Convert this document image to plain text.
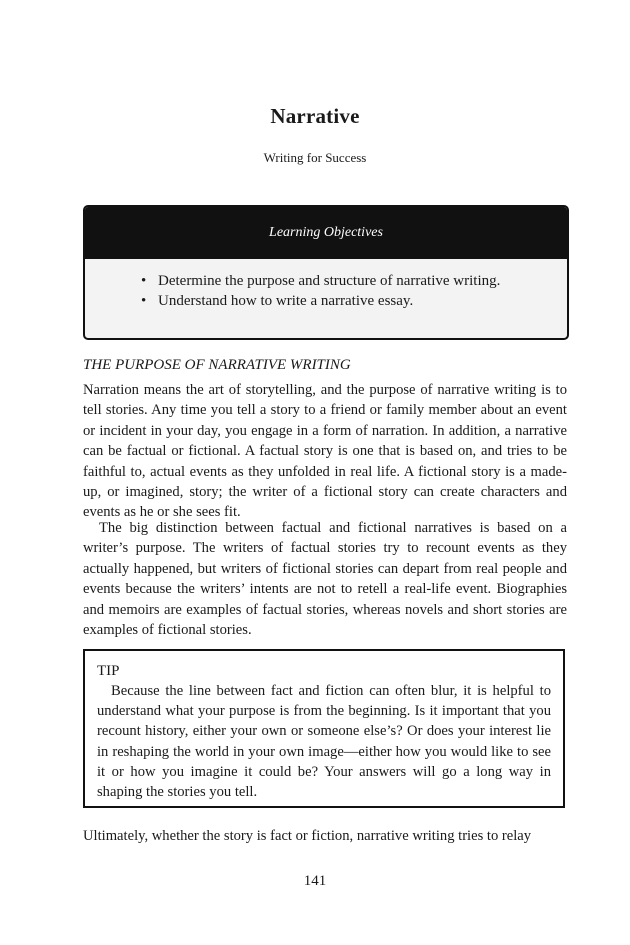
Narrative
Writing for Success
Learning Objectives
• Determine the purpose and structure of narrative writing.
• Understand how to write a narrative essay.
THE PURPOSE OF NARRATIVE WRITING
Narration means the art of storytelling, and the purpose of narrative writing is to tell stories. Any time you tell a story to a friend or family member about an event or incident in your day, you engage in a form of narration. In addition, a narrative can be factual or fictional. A factual story is one that is based on, and tries to be faithful to, actual events as they unfolded in real life. A fictional story is a made-up, or imagined, story; the writer of a fictional story can create characters and events as he or she sees fit.
The big distinction between factual and fictional narratives is based on a writer’s purpose. The writers of factual stories try to recount events as they actually happened, but writers of fictional stories can depart from real people and events because the writers’ intents are not to retell a real-life event. Biographies and memoirs are examples of factual stories, whereas novels and short stories are examples of fictional stories.
TIP
Because the line between fact and fiction can often blur, it is helpful to understand what your purpose is from the beginning. Is it important that you recount history, either your own or someone else’s? Or does your interest lie in reshaping the world in your own image—either how you would like to see it or how you imagine it could be? Your answers will go a long way in shaping the stories you tell.
Ultimately, whether the story is fact or fiction, narrative writing tries to relay
141
